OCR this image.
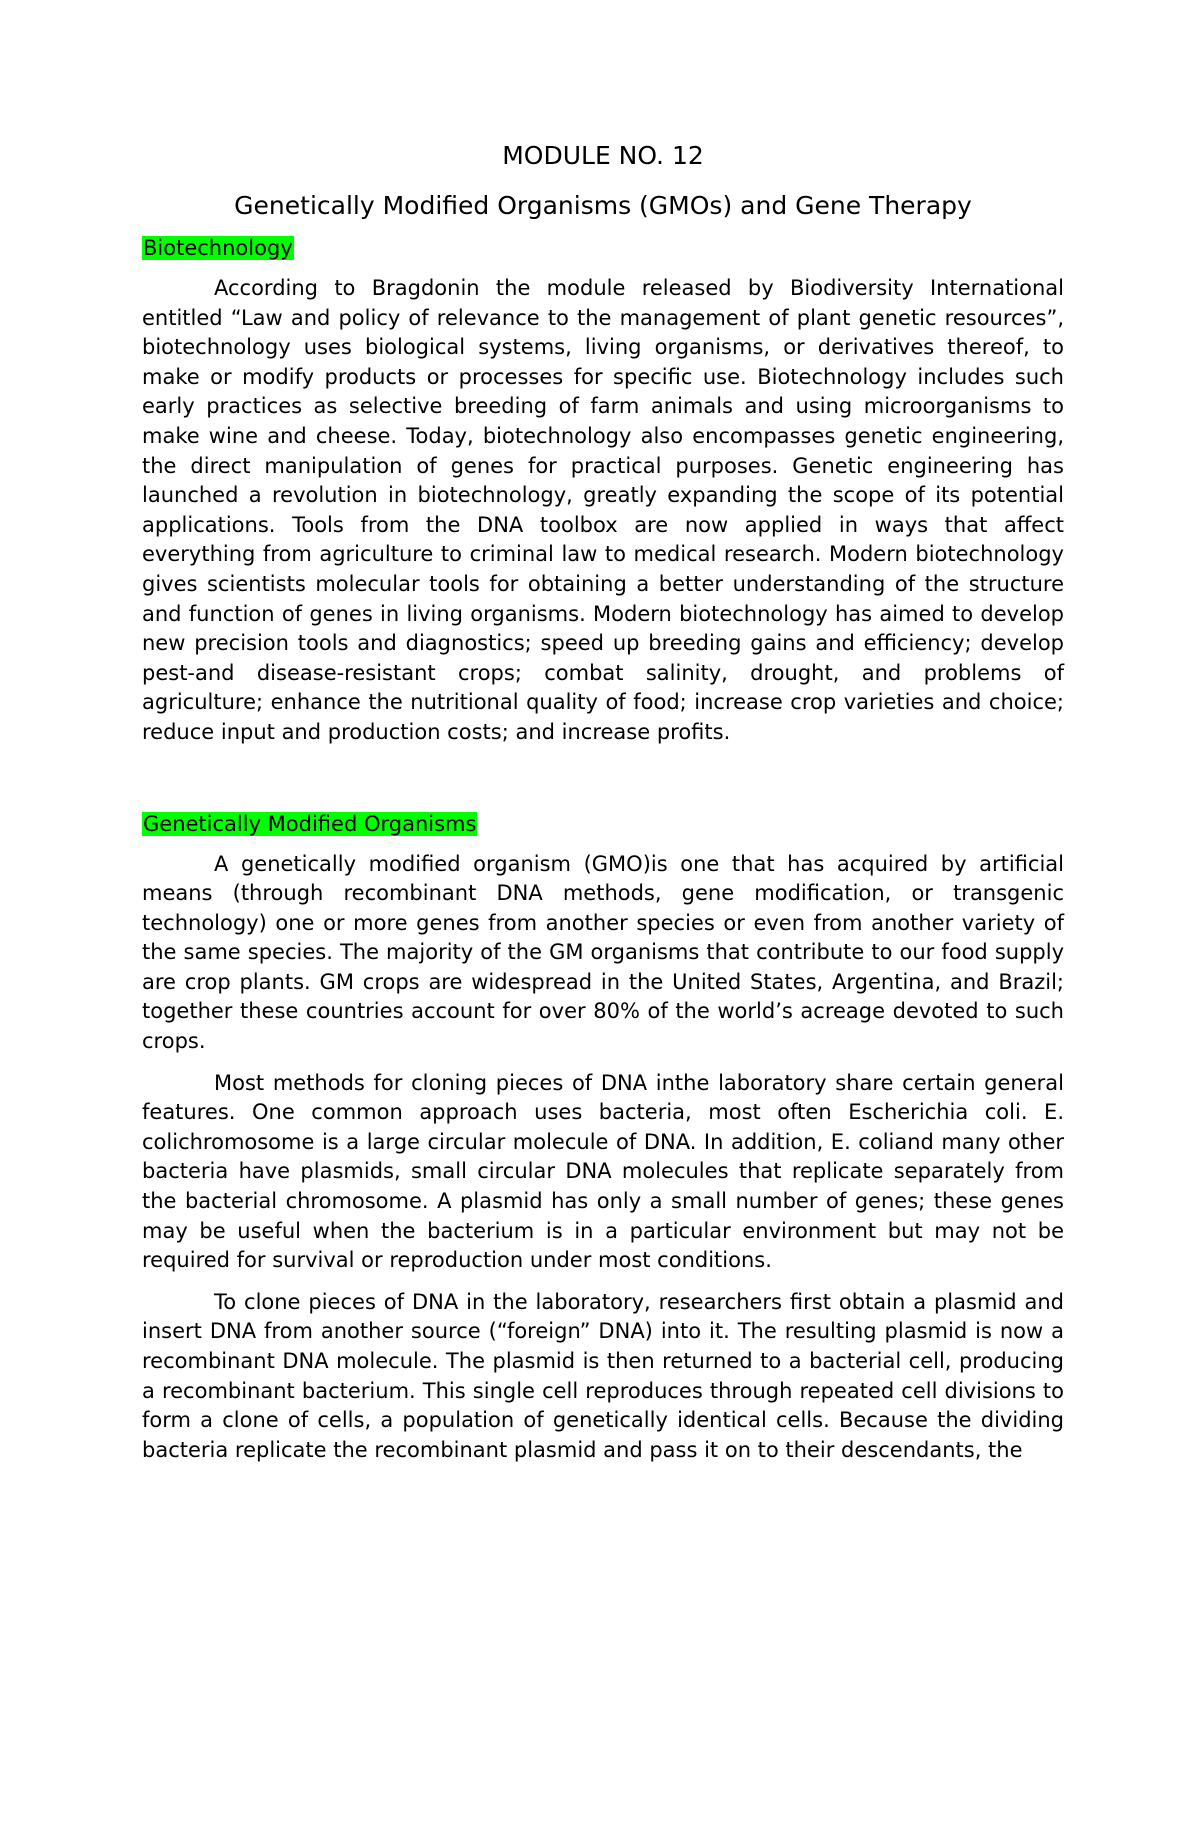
MODULE NO. 12

Genetically Modified Organisms (GMOs) and Gene Therapy

Biotechnology

According to Bragdonin the module released by Biodiversity International entitled “Law and policy of relevance to the management of plant genetic resources”, biotechnology uses biological systems, living organisms, or derivatives thereof, to make or modify products or processes for specific use. Biotechnology includes such early practices as selective breeding of farm animals and using microorganisms to make wine and cheese. Today, biotechnology also encompasses genetic engineering, the direct manipulation of genes for practical purposes. Genetic engineering has launched a revolution in biotechnology, greatly expanding the scope of its potential applications. Tools from the DNA toolbox are now applied in ways that affect everything from agriculture to criminal law to medical research. Modern biotechnology gives scientists molecular tools for obtaining a better understanding of the structure and function of genes in living organisms. Modern biotechnology has aimed to develop new precision tools and diagnostics; speed up breeding gains and efficiency; develop pest-and disease-resistant crops; combat salinity, drought, and problems of agriculture; enhance the nutritional quality of food; increase crop varieties and choice; reduce input and production costs; and increase profits.

Genetically Modified Organisms

A genetically modified organism (GMO)is one that has acquired by artificial means (through recombinant DNA methods, gene modification, or transgenic technology) one or more genes from another species or even from another variety of the same species. The majority of the GM organisms that contribute to our food supply are crop plants. GM crops are widespread in the United States, Argentina, and Brazil; together these countries account for over 80% of the world’s acreage devoted to such crops.

Most methods for cloning pieces of DNA inthe laboratory share certain general features. One common approach uses bacteria, most often Escherichia coli. E. colichromosome is a large circular molecule of DNA. In addition, E. coliand many other bacteria have plasmids, small circular DNA molecules that replicate separately from the bacterial chromosome. A plasmid has only a small number of genes; these genes may be useful when the bacterium is in a particular environment but may not be required for survival or reproduction under most conditions.

To clone pieces of DNA in the laboratory, researchers first obtain a plasmid and insert DNA from another source (“foreign” DNA) into it. The resulting plasmid is now a recombinant DNA molecule. The plasmid is then returned to a bacterial cell, producing a recombinant bacterium. This single cell reproduces through repeated cell divisions to form a clone of cells, a population of genetically identical cells. Because the dividing bacteria replicate the recombinant plasmid and pass it on to their descendants, the
